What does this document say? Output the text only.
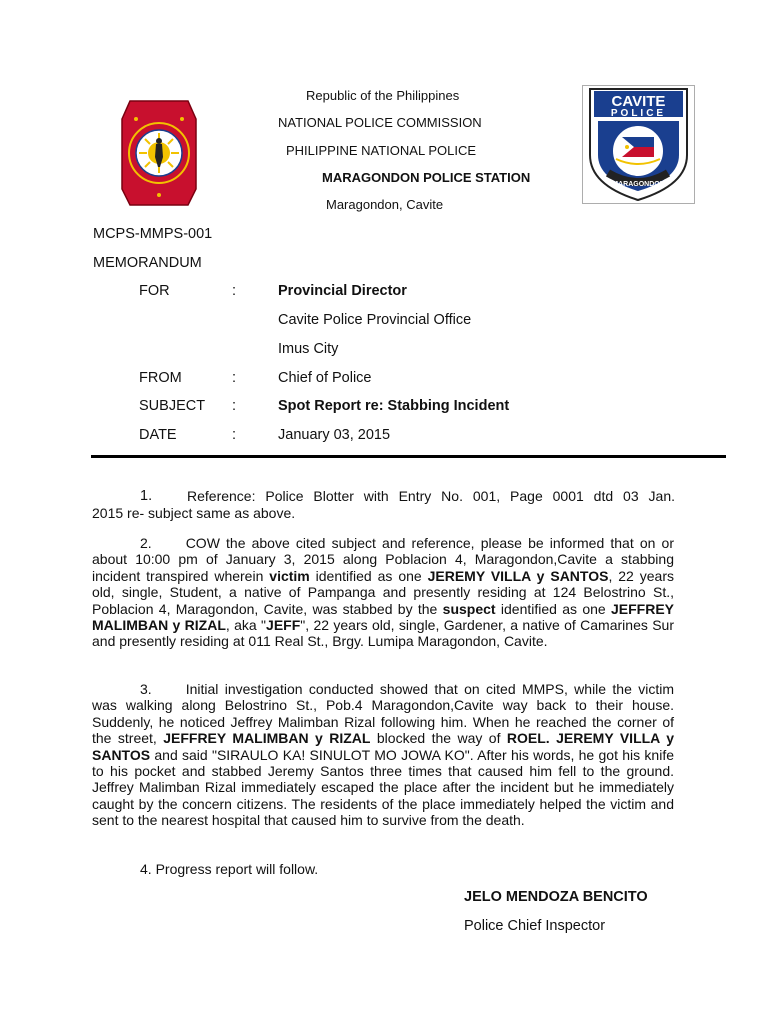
CAVITE
POLICE
MARAGONDON
Republic of the Philippines
NATIONAL POLICE COMMISSION
PHILIPPINE NATIONAL POLICE
MARAGONDON POLICE STATION
Maragondon, Cavite
MCPS-MMPS-001
MEMORANDUM
FOR	:	Provincial Director
Cavite Police Provincial Office
Imus City
FROM	:	Chief of Police
SUBJECT :	Spot Report re: Stabbing Incident
DATE	:	January 03, 2015
1. Reference: Police Blotter with Entry No. 001, Page 0001 dtd 03 Jan.
2015 re- subject same as above.

2. COW the above cited subject and reference, please be informed that on or about 10:00 pm of January 3, 2015 along Poblacion 4, Maragondon,Cavite a stabbing incident transpired wherein victim identified as one JEREMY VILLA y SANTOS, 22 years old, single, Student, a native of Pampanga and presently residing at 124 Belostrino St., Poblacion 4, Maragondon, Cavite, was stabbed by the suspect identified as one JEFFREY MALIMBAN y RIZAL, aka "JEFF", 22 years old, single, Gardener, a native of Camarines Sur and presently residing at 011 Real St., Brgy. Lumipa Maragondon, Cavite.

3. Initial investigation conducted showed that on cited MMPS, while the victim was walking along Belostrino St., Pob.4 Maragondon,Cavite way back to their house. Suddenly, he noticed Jeffrey Malimban Rizal following him. When he reached the corner of the street, JEFFREY MALIMBAN y RIZAL blocked the way of ROEL. JEREMY VILLA y SANTOS and said "SIRAULO KA! SINULOT MO JOWA KO". After his words, he got his knife to his pocket and stabbed Jeremy Santos three times that caused him fell to the ground. Jeffrey Malimban Rizal immediately escaped the place after the incident but he immediately caught by the concern citizens. The residents of the place immediately helped the victim and sent to the nearest hospital that caused him to survive from the death.

4. Progress report will follow.
JELO MENDOZA BENCITO
Police Chief Inspector
